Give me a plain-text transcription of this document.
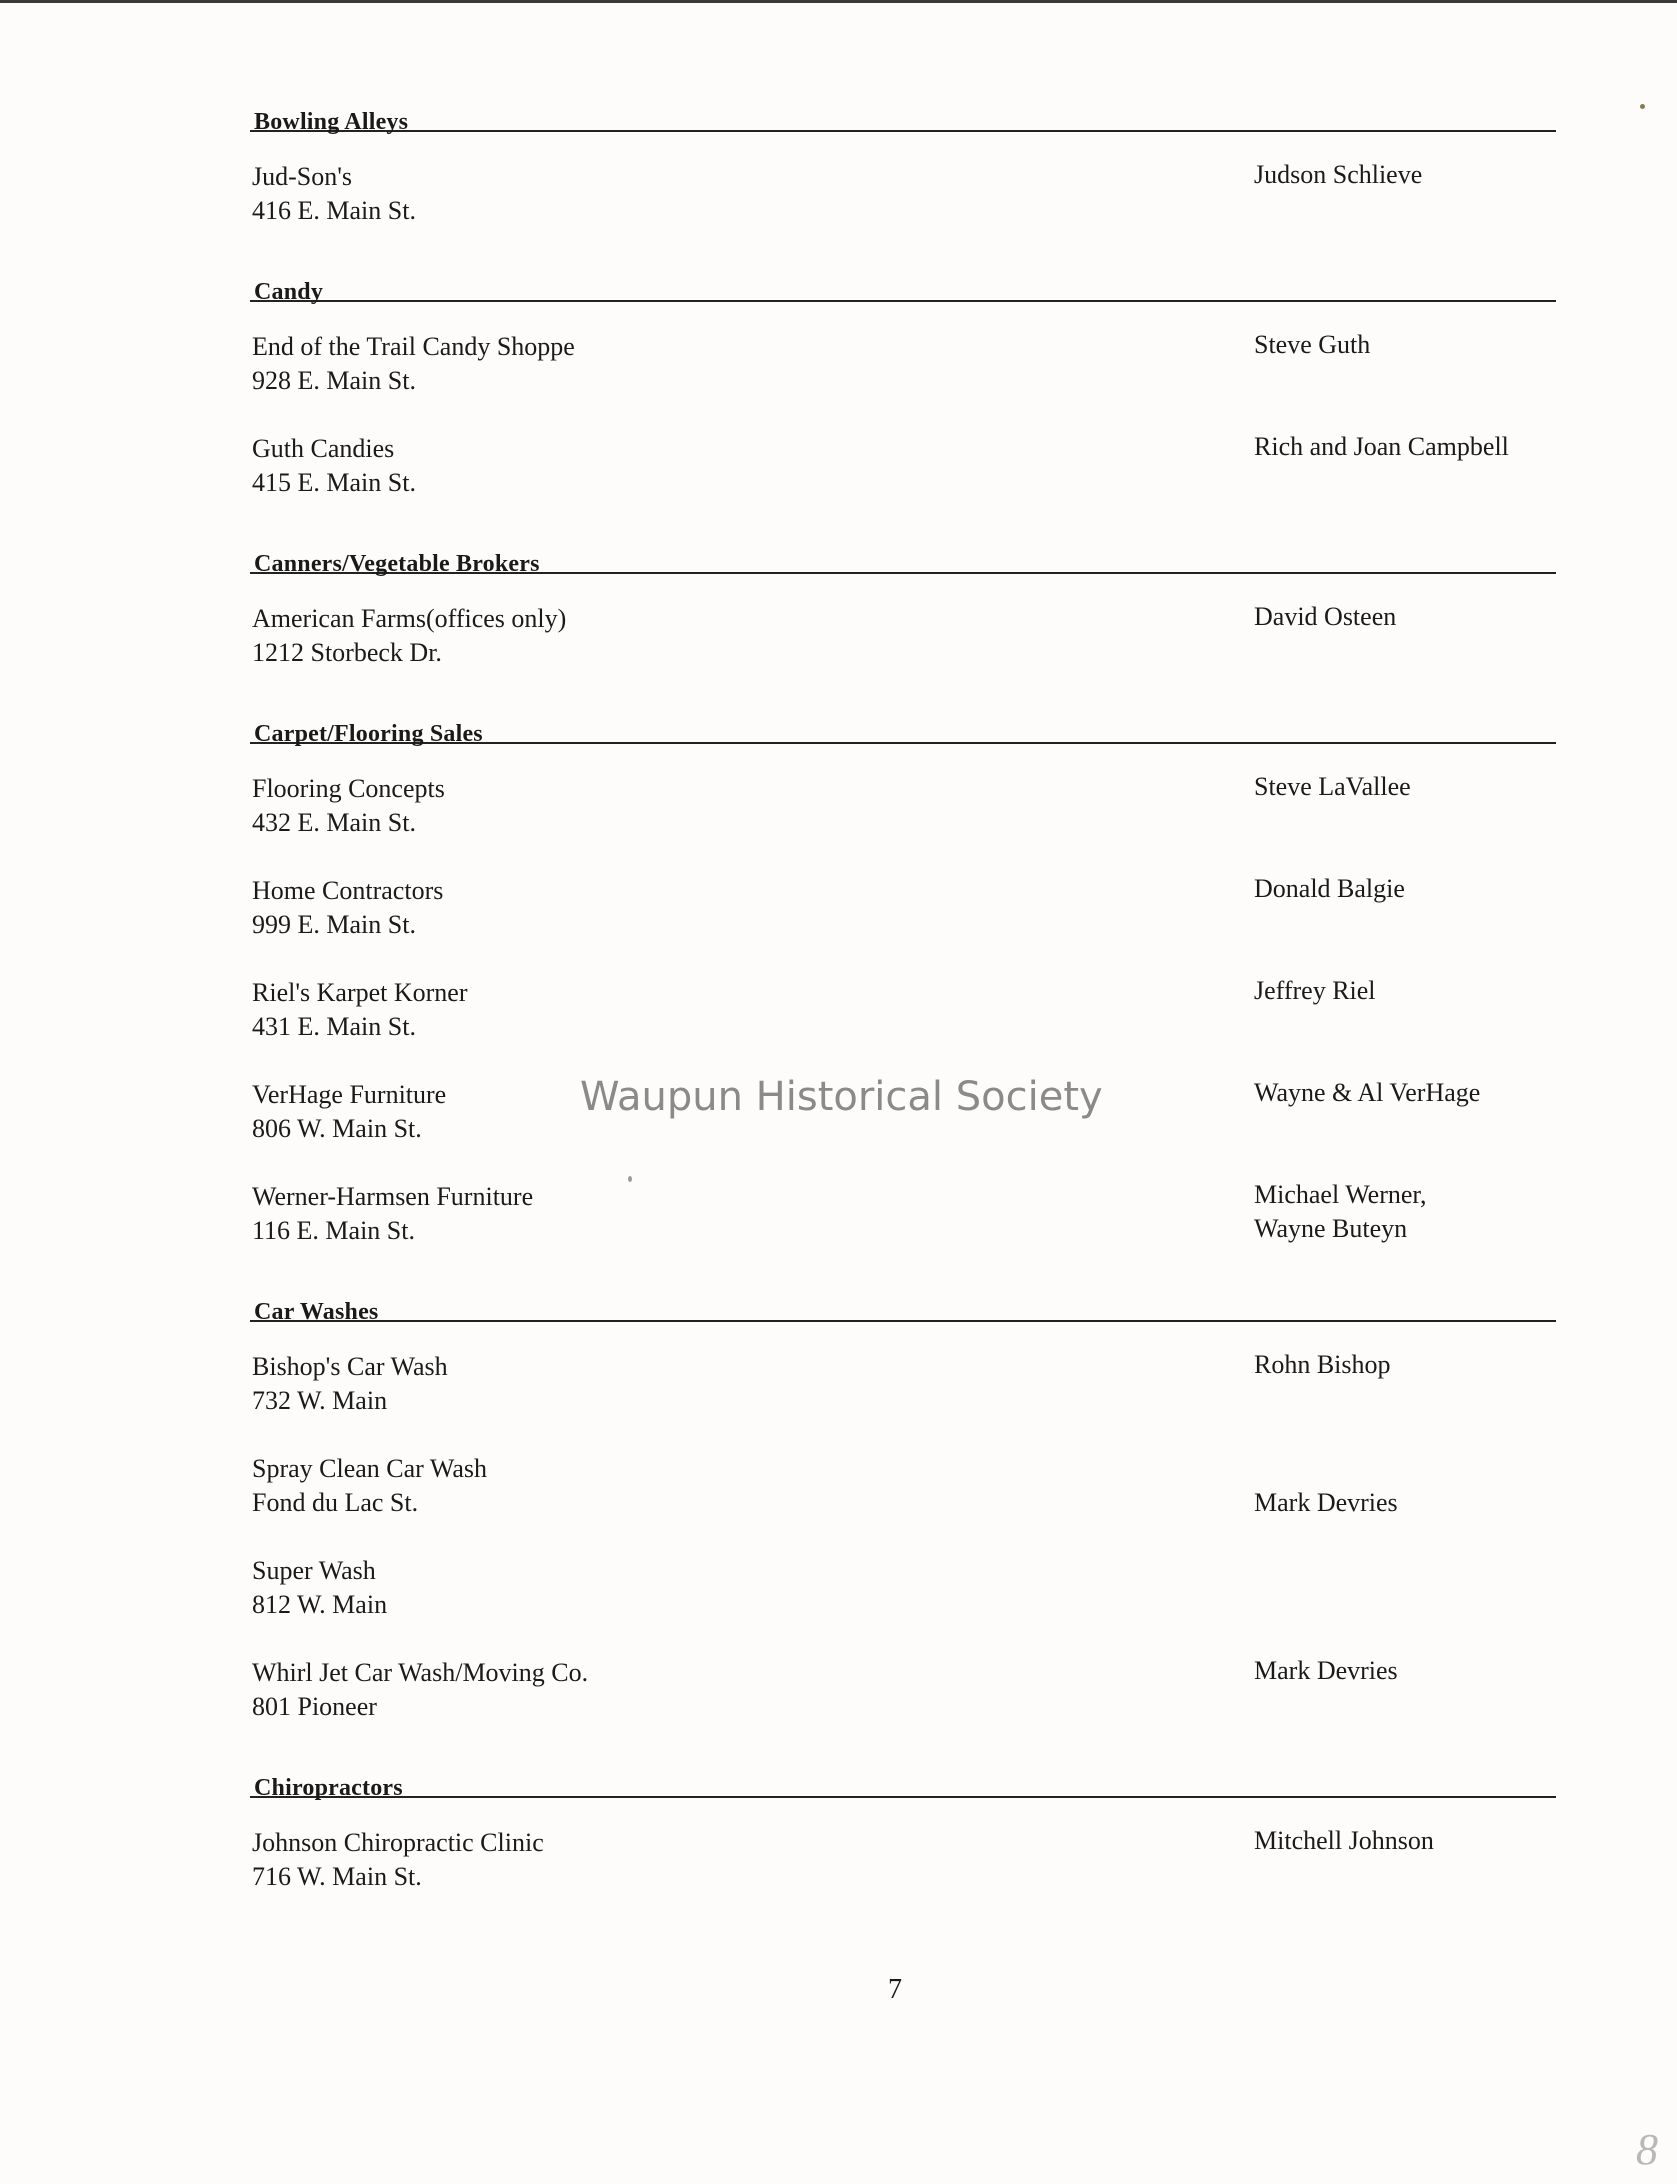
Bowling Alleys
Jud-Son's
416 E. Main St.
Judson Schlieve
Candy
End of the Trail Candy Shoppe
928 E. Main St.
Steve Guth
Guth Candies
415 E. Main St.
Rich and Joan Campbell
Canners/Vegetable Brokers
American Farms(offices only)
1212 Storbeck Dr.
David Osteen
Carpet/Flooring Sales
Flooring Concepts
432 E. Main St.
Steve LaVallee
Home Contractors
999 E. Main St.
Donald Balgie
Riel's Karpet Korner
431 E. Main St.
Jeffrey Riel
VerHage Furniture
806 W. Main St.
Wayne & Al VerHage
Werner-Harmsen Furniture
116 E. Main St.
Michael Werner,
Wayne Buteyn
Car Washes
Bishop's Car Wash
732 W. Main
Rohn Bishop
Spray Clean Car Wash
Fond du Lac St.	Mark Devries
Super Wash
812 W. Main
Whirl Jet Car Wash/Moving Co.
801 Pioneer
Mark Devries
Chiropractors
Johnson Chiropractic Clinic
716 W. Main St.
Mitchell Johnson
Waupun Historical Society
7
8
